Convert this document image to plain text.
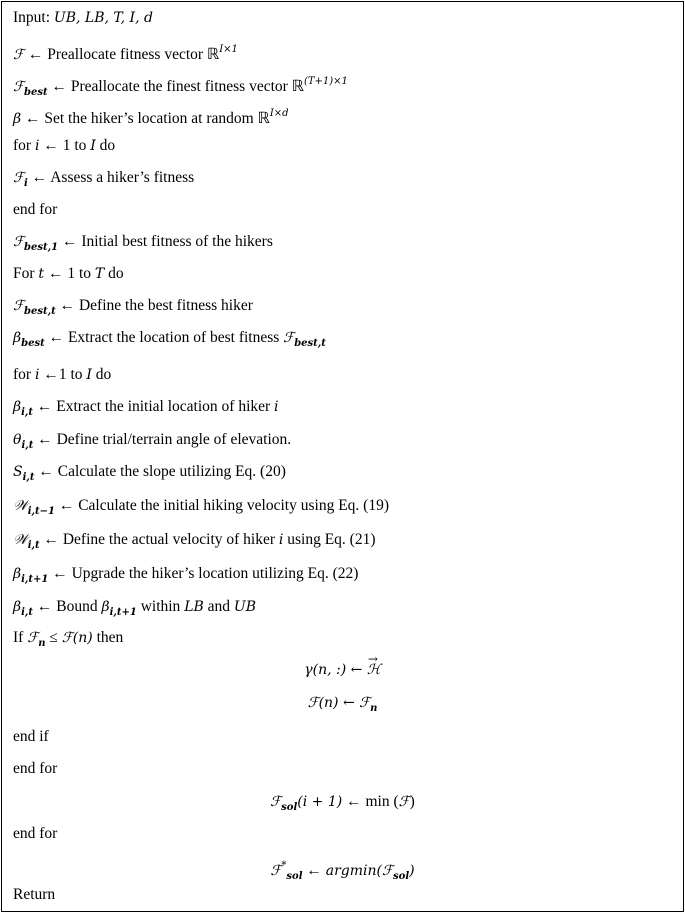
Input: UB, LB, T, I, d
ℱ ← Preallocate fitness vector ℝ$^{I\times 1}$
ℱ$_{best}$ ← Preallocate the finest fitness vector ℝ$^{(T+1)\times 1}$
β ← Set the hiker’s location at random ℝ$^{I\times d}$
for i ← 1 to I do
ℱ$_i$ ← Assess a hiker’s fitness
end for
ℱ$_{best,1}$ ← Initial best fitness of the hikers
For t ← 1 to T do
ℱ$_{best,t}$ ← Define the best fitness hiker
$\beta_{best}$ ← Extract the location of best fitness ℱ$_{best,t}$
for i ←1 to I do
$\beta_{i,t}$ ← Extract the initial location of hiker i
$\theta_{i,t}$ ← Define trial/terrain angle of elevation.
$S_{i,t}$ ← Calculate the slope utilizing Eq. (20)
𝒲$_{i,t-1}$ ← Calculate the initial hiking velocity using Eq. (19)
𝒲$_{i,t}$ ← Define the actual velocity of hiker i using Eq. (21)
$\beta_{i,t+1}$ ← Upgrade the hiker’s location utilizing Eq. (22)
$\beta_{i,t}$ ← Bound $\beta_{i,t+1}$ within LB and UB
If ℱ$_n$ ≤ ℱ(n) then
γ(n, :) ← → ℋ
ℱ(n) ← ℱ$_n$
end if
end for
ℱ$_{sol}$(i + 1) ← min (ℱ)
end for
ℱ*$_{sol}$ ← argmin(ℱ$_{sol}$)
Return
